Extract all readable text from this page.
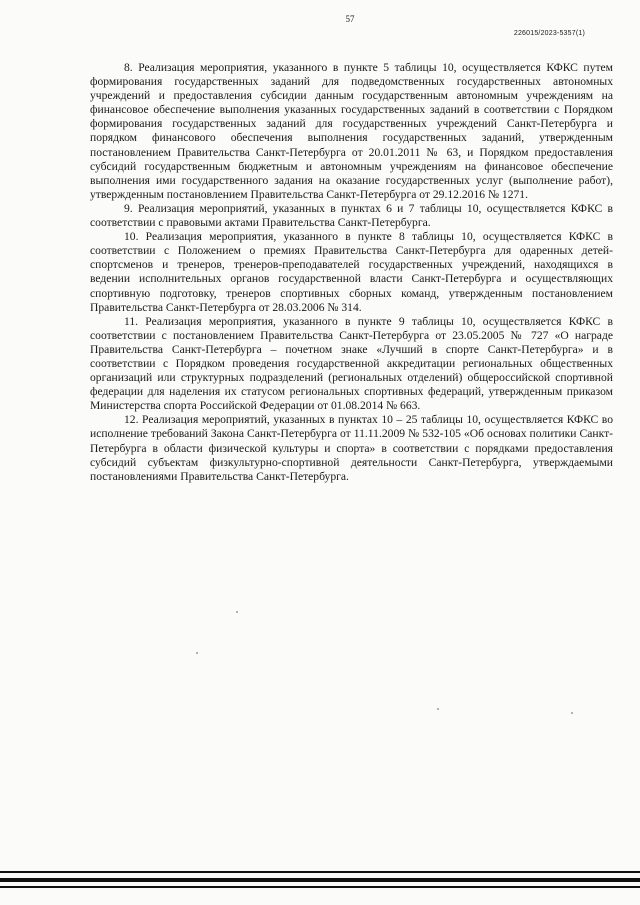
57
226015/2023-5357(1)

8. Реализация мероприятия, указанного в пункте 5 таблицы 10, осуществляется КФКС путем формирования государственных заданий для подведомственных государственных автономных учреждений и предоставления субсидии данным государственным автономным учреждениям на финансовое обеспечение выполнения указанных государственных заданий в соответствии с Порядком формирования государственных заданий для государственных учреждений Санкт-Петербурга и порядком финансового обеспечения выполнения государственных заданий, утвержденным постановлением Правительства Санкт-Петербурга от 20.01.2011 № 63, и Порядком предоставления субсидий государственным бюджетным и автономным учреждениям на финансовое обеспечение выполнения ими государственного задания на оказание государственных услуг (выполнение работ), утвержденным постановлением Правительства Санкт-Петербурга от 29.12.2016 № 1271.

9. Реализация мероприятий, указанных в пунктах 6 и 7 таблицы 10, осуществляется КФКС в соответствии с правовыми актами Правительства Санкт-Петербурга.

10. Реализация мероприятия, указанного в пункте 8 таблицы 10, осуществляется КФКС в соответствии с Положением о премиях Правительства Санкт-Петербурга для одаренных детей-спортсменов и тренеров, тренеров-преподавателей государственных учреждений, находящихся в ведении исполнительных органов государственной власти Санкт-Петербурга и осуществляющих спортивную подготовку, тренеров спортивных сборных команд, утвержденным постановлением Правительства Санкт-Петербурга от 28.03.2006 № 314.

11. Реализация мероприятия, указанного в пункте 9 таблицы 10, осуществляется КФКС в соответствии с постановлением Правительства Санкт-Петербурга от 23.05.2005 № 727 «О награде Правительства Санкт-Петербурга – почетном знаке «Лучший в спорте Санкт-Петербурга» и в соответствии с Порядком проведения государственной аккредитации региональных общественных организаций или структурных подразделений (региональных отделений) общероссийской спортивной федерации для наделения их статусом региональных спортивных федераций, утвержденным приказом Министерства спорта Российской Федерации от 01.08.2014 № 663.

12. Реализация мероприятий, указанных в пунктах 10 – 25 таблицы 10, осуществляется КФКС во исполнение требований Закона Санкт-Петербурга от 11.11.2009 № 532-105 «Об основах политики Санкт-Петербурга в области физической культуры и спорта» в соответствии с порядками предоставления субсидий субъектам физкультурно-спортивной деятельности Санкт-Петербурга, утверждаемыми постановлениями Правительства Санкт-Петербурга.
